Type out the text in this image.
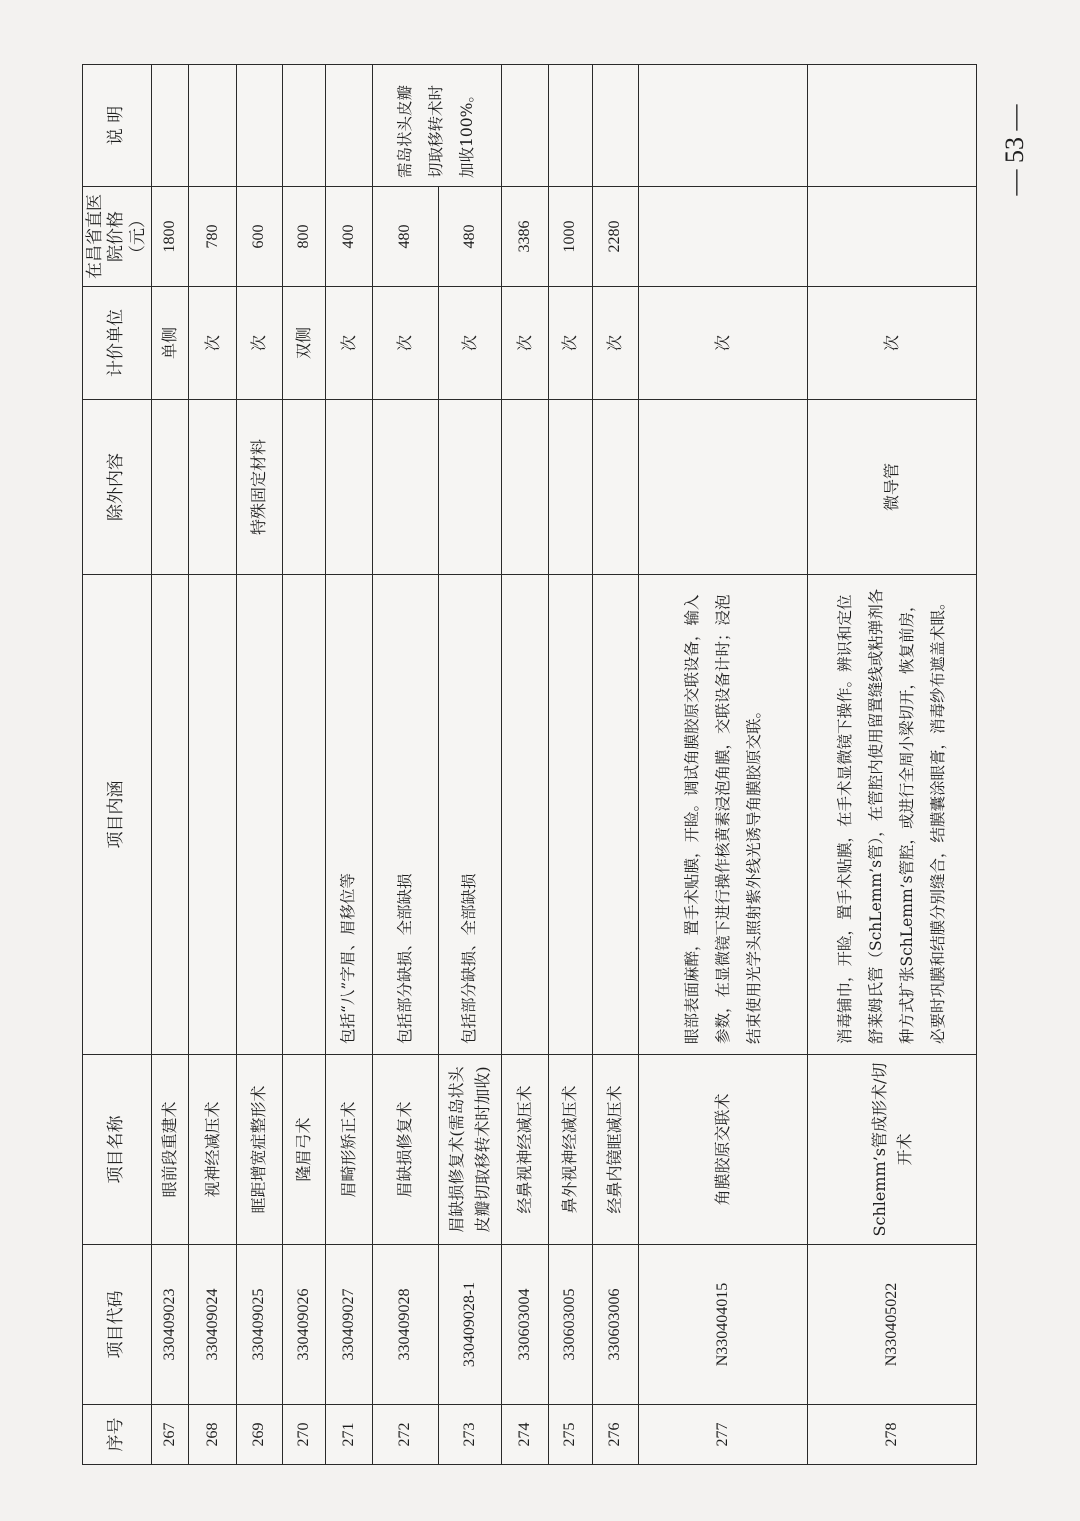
序号	项目代码	项目名称	项目内涵	除外内容	计价单位	在昌省直医院价格（元）	说 明
267	330409023	眼前段重建术			单侧	1800	
268	330409024	视神经减压术			次	780	
269	330409025	眶距增宽症整形术		特殊固定材料	次	600	
270	330409026	隆眉弓术			双侧	800	
271	330409027	眉畸形矫正术	包括“八”字眉、眉移位等		次	400	
272	330409028	眉缺损修复术	包括部分缺损、全部缺损		次	480	需岛状头皮瓣切取移转术时加收100%。
273	330409028-1	眉缺损修复术(需岛状头皮瓣切取移转术时加收)	包括部分缺损、全部缺损		次	480	
274	330603004	经鼻视神经减压术			次	3386	
275	330603005	鼻外视神经减压术			次	1000	
276	330603006	经鼻内镜眶减压术			次	2280	
277	N330404015	角膜胶原交联术	眼部表面麻醉，置手术贴膜，开睑。调试角膜胶原交联设备，输入参数，在显微镜下进行操作核黄素浸泡角膜，交联设备计时；浸泡结束使用光学头照射紫外线光诱导角膜胶原交联。		次		
278	N330405022	Schlemm’s管成形术/切开术	消毒铺巾，开睑，置手术贴膜，在手术显微镜下操作。辨识和定位舒莱姆氏管（SchLemm’s管），在管腔内使用留置缝线或粘弹剂各种方式扩张SchLemm’s管腔，或进行全周小梁切开，恢复前房，必要时巩膜和结膜分别缝合，结膜囊涂眼膏，消毒纱布遮盖术眼。	微导管	次		
— 53 —
